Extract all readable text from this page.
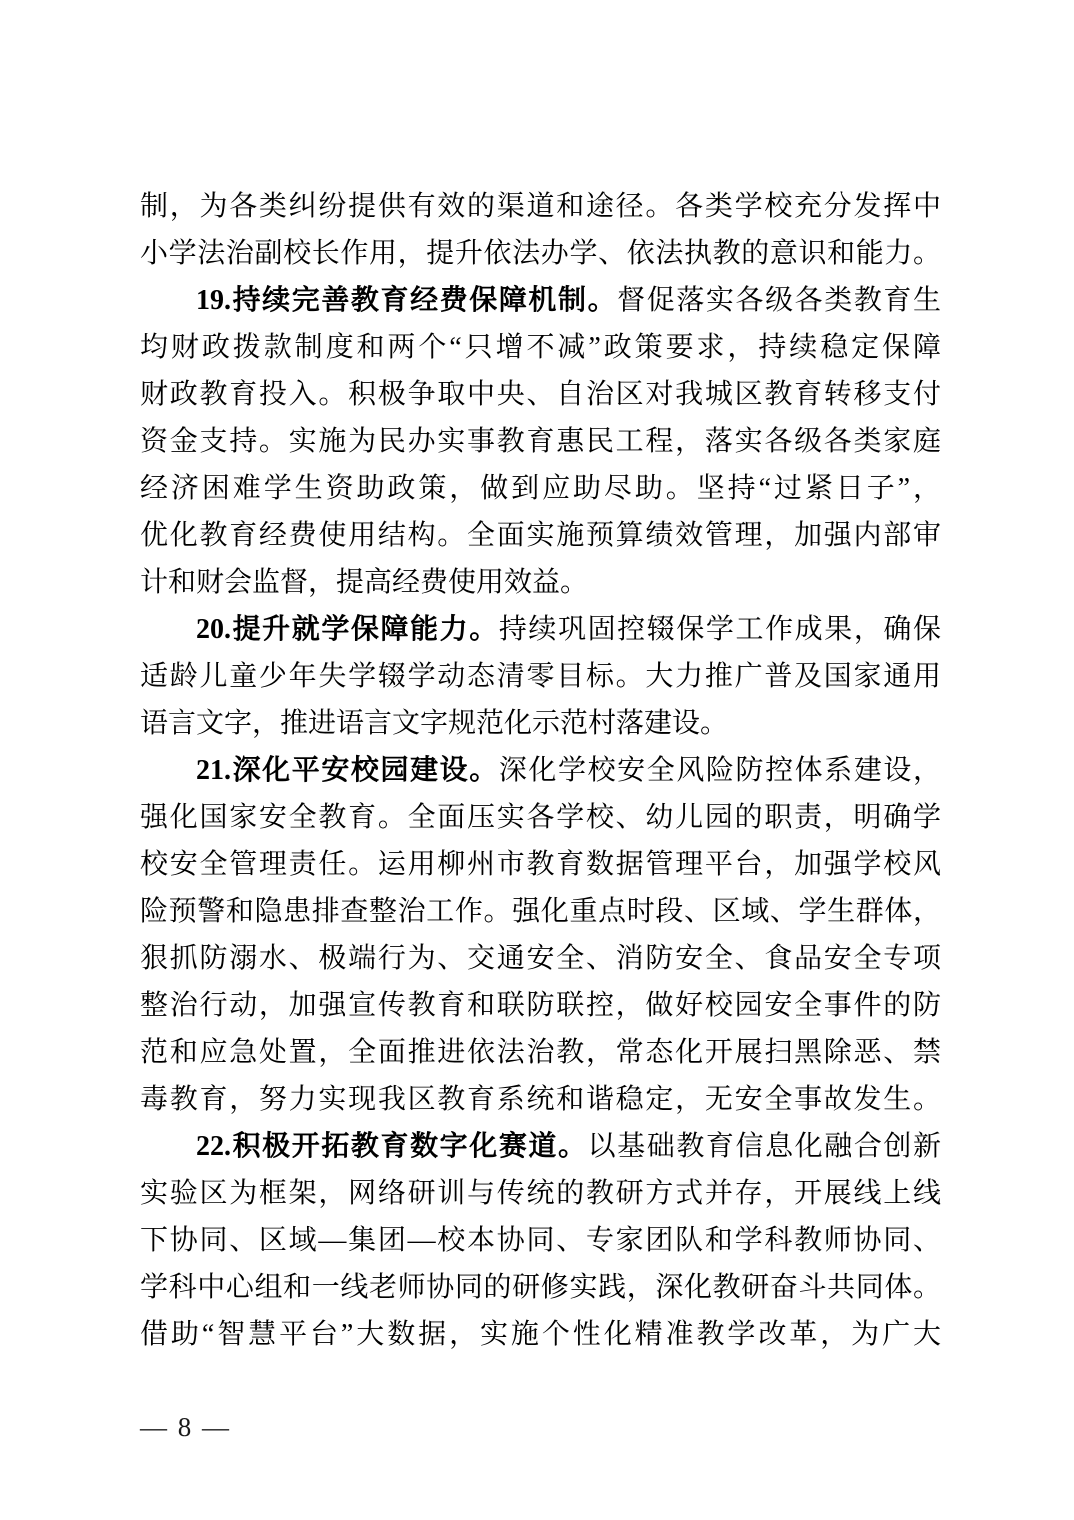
制，为各类纠纷提供有效的渠道和途径。各类学校充分发挥中
小学法治副校长作用，提升依法办学、依法执教的意识和能力。
19.持续完善教育经费保障机制。督促落实各级各类教育生
均财政拨款制度和两个“只增不减”政策要求，持续稳定保障
财政教育投入。积极争取中央、自治区对我城区教育转移支付
资金支持。实施为民办实事教育惠民工程，落实各级各类家庭
经济困难学生资助政策，做到应助尽助。坚持“过紧日子”，
优化教育经费使用结构。全面实施预算绩效管理，加强内部审
计和财会监督，提高经费使用效益。
20.提升就学保障能力。持续巩固控辍保学工作成果，确保
适龄儿童少年失学辍学动态清零目标。大力推广普及国家通用
语言文字，推进语言文字规范化示范村落建设。
21.深化平安校园建设。深化学校安全风险防控体系建设，
强化国家安全教育。全面压实各学校、幼儿园的职责，明确学
校安全管理责任。运用柳州市教育数据管理平台，加强学校风
险预警和隐患排查整治工作。强化重点时段、区域、学生群体，
狠抓防溺水、极端行为、交通安全、消防安全、食品安全专项
整治行动，加强宣传教育和联防联控，做好校园安全事件的防
范和应急处置，全面推进依法治教，常态化开展扫黑除恶、禁
毒教育，努力实现我区教育系统和谐稳定，无安全事故发生。
22.积极开拓教育数字化赛道。以基础教育信息化融合创新
实验区为框架，网络研训与传统的教研方式并存，开展线上线
下协同、区域—集团—校本协同、专家团队和学科教师协同、
学科中心组和一线老师协同的研修实践，深化教研奋斗共同体。
借助“智慧平台”大数据，实施个性化精准教学改革，为广大
— 8 —
